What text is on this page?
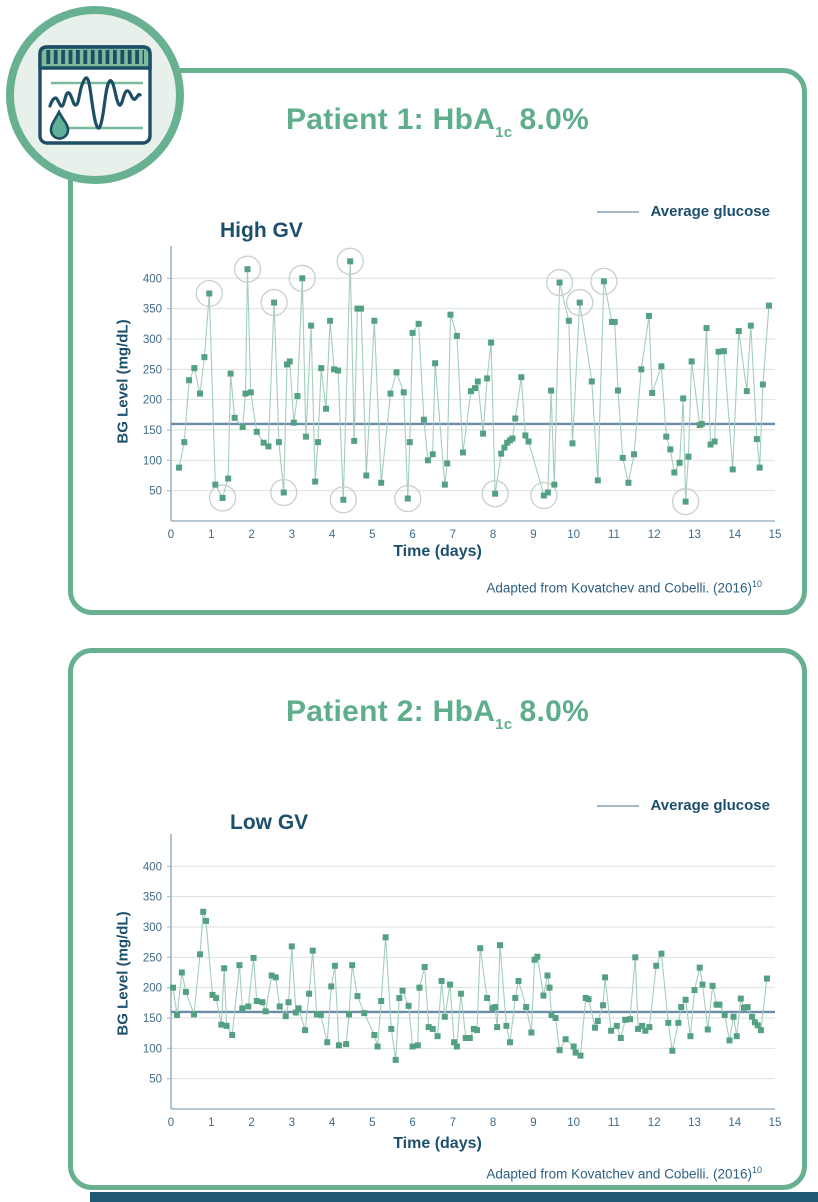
Patient 1: HbA$_{1c}$ 8.0%
Average glucose
High GV
BG Level (mg/dL)
50
100
150
200
250
300
350
400
0	1	2	3	4	5	6	7	8	9	10 11 12 13 14 15
Time (days)
Adapted from Kovatchev and Cobelli. $(2016)^{10}$
Patient 2: HbA$_{1c}$ 8.0%
Average glucose
Low GV
BG Level (mg/dL)
50
100
150
200
250
300
350
400
0	1	2	3	4	5	6	7	8	9	10 11 12 13 14 15
Time (days)
Adapted from Kovatchev and Cobelli. $(2016)^{10}$
